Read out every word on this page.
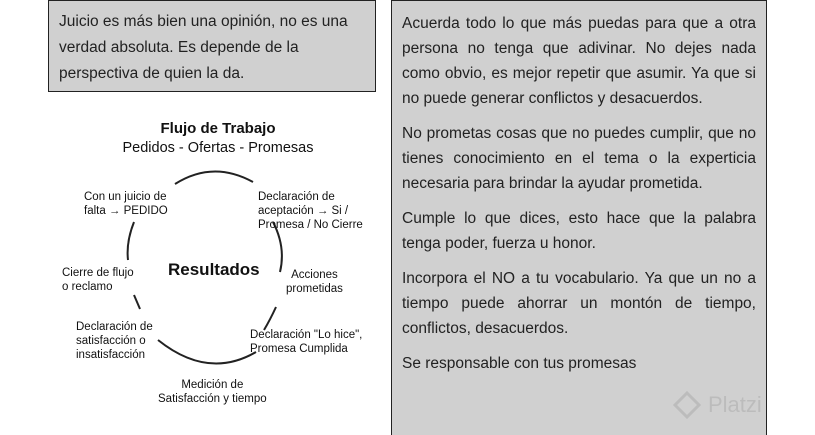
Juicio es más bien una opinión, no es una verdad absoluta. Es depende de la perspectiva de quien la da.
Flujo de Trabajo
Pedidos - Ofertas - Promesas
Resultados
Con un juicio de
falta → PEDIDO
Declaración de
aceptación → Si /
Promesa / No Cierre
Acciones
prometidas
Declaración "Lo hice",
Promesa Cumplida
Medición de
Satisfacción y tiempo
Declaración de
satisfacción o
insatisfacción
Cierre de flujo
o reclamo

Acuerda todo lo que más puedas para que a otra persona no tenga que adivinar. No dejes nada como obvio, es mejor repetir que asumir. Ya que si no puede generar conflictos y desacuerdos.

No prometas cosas que no puedes cumplir, que no tienes conocimiento en el tema o la experticia necesaria para brindar la ayudar prometida.

Cumple lo que dices, esto hace que la palabra tenga poder, fuerza u honor.

Incorpora el NO a tu vocabulario. Ya que un no a tiempo puede ahorrar un montón de tiempo, conflictos, desacuerdos.

Se responsable con tus promesas

Platzi
